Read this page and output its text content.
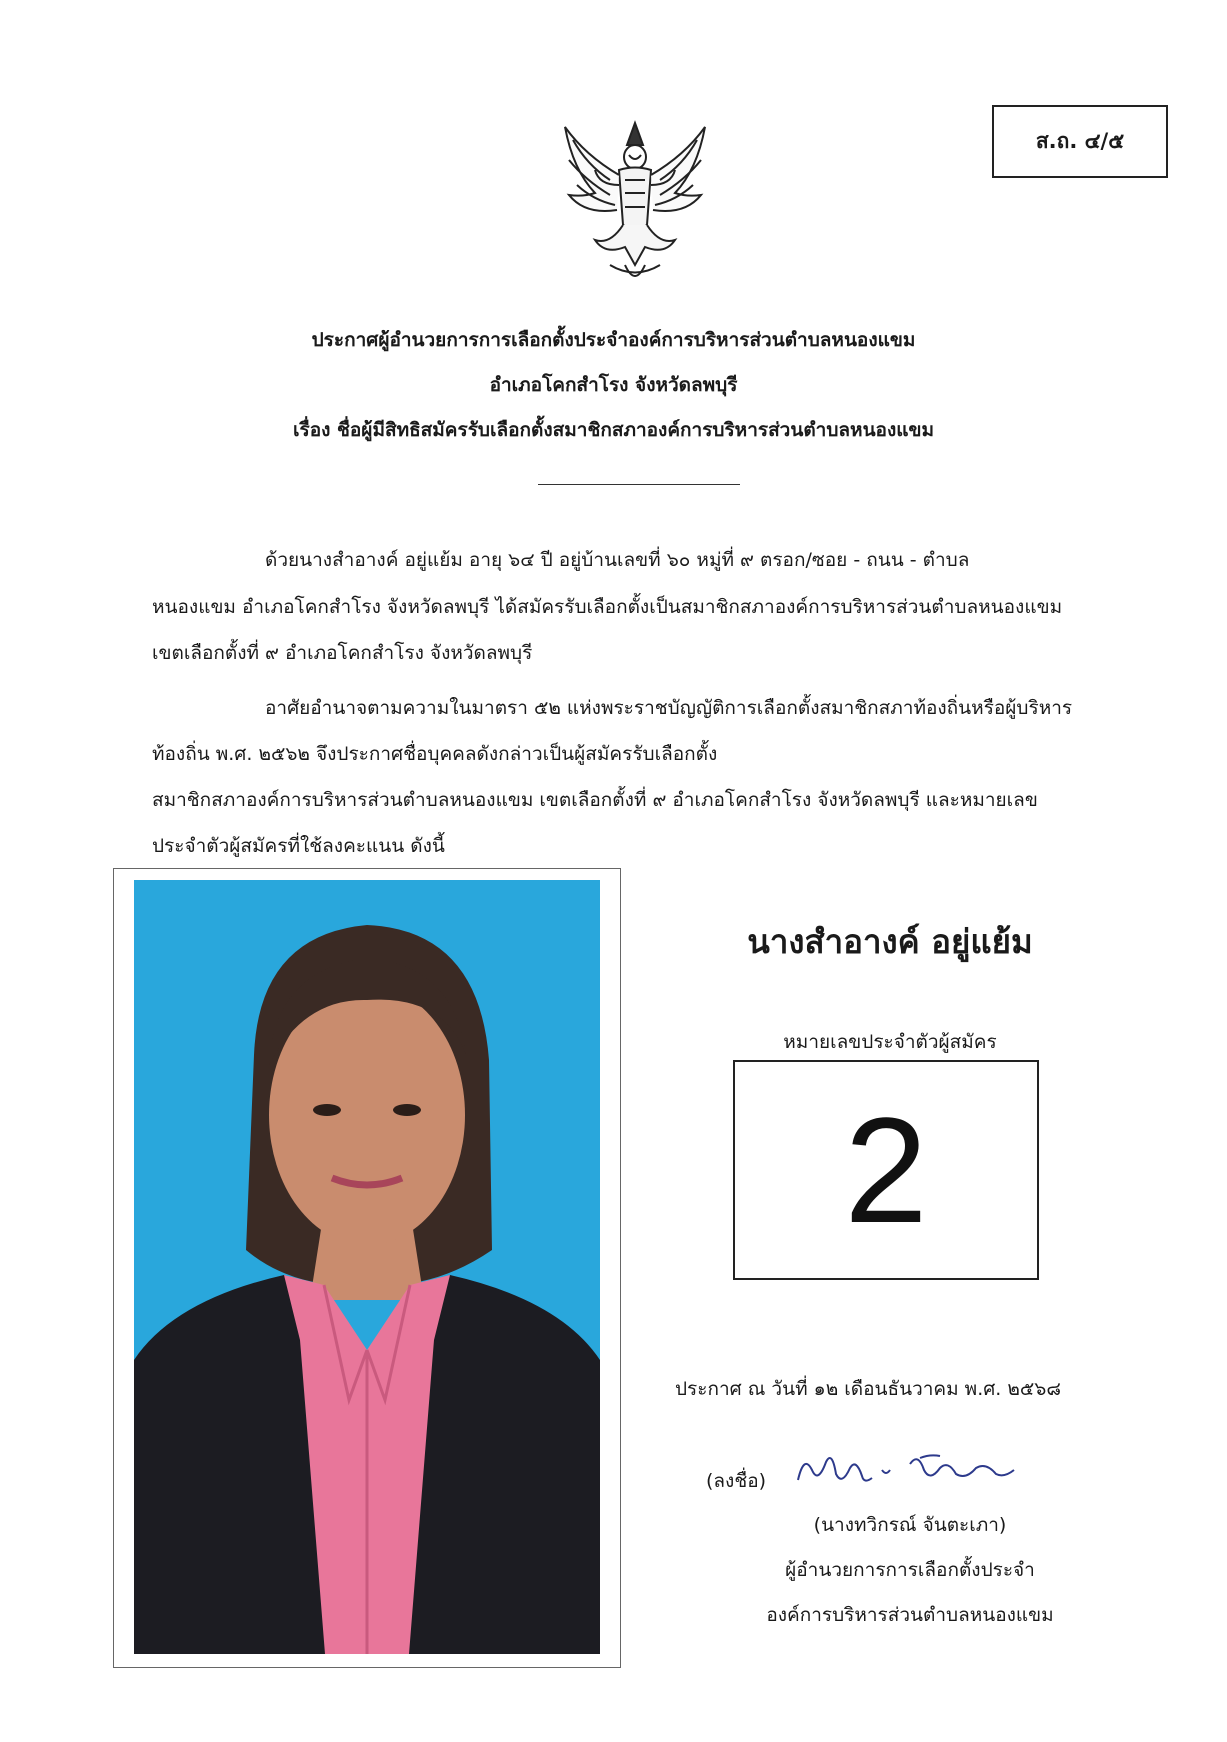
ส.ถ. ๔/๕
ประกาศผู้อำนวยการการเลือกตั้งประจำองค์การบริหารส่วนตำบลหนองแขม
อำเภอโคกสำโรง จังหวัดลพบุรี
เรื่อง ชื่อผู้มีสิทธิสมัครรับเลือกตั้งสมาชิกสภาองค์การบริหารส่วนตำบลหนองแขม
ด้วยนางสำอางค์ อยู่แย้ม อายุ ๖๔ ปี อยู่บ้านเลขที่ ๖๐ หมู่ที่ ๙ ตรอก/ซอย - ถนน - ตำบล
หนองแขม อำเภอโคกสำโรง จังหวัดลพบุรี ได้สมัครรับเลือกตั้งเป็นสมาชิกสภาองค์การบริหารส่วนตำบลหนองแขม
เขตเลือกตั้งที่ ๙ อำเภอโคกสำโรง จังหวัดลพบุรี
อาศัยอำนาจตามความในมาตรา ๕๒ แห่งพระราชบัญญัติการเลือกตั้งสมาชิกสภาท้องถิ่นหรือผู้บริหาร
ท้องถิ่น พ.ศ. ๒๕๖๒ จึงประกาศชื่อบุคคลดังกล่าวเป็นผู้สมัครรับเลือกตั้ง
สมาชิกสภาองค์การบริหารส่วนตำบลหนองแขม เขตเลือกตั้งที่ ๙ อำเภอโคกสำโรง จังหวัดลพบุรี และหมายเลข
ประจำตัวผู้สมัครที่ใช้ลงคะแนน ดังนี้
นางสำอางค์ อยู่แย้ม
หมายเลขประจำตัวผู้สมัคร
2
ประกาศ ณ วันที่ ๑๒ เดือนธันวาคม พ.ศ. ๒๕๖๘
(ลงชื่อ)
(นางทวิกรณ์ จันตะเภา)
ผู้อำนวยการการเลือกตั้งประจำ
องค์การบริหารส่วนตำบลหนองแขม
